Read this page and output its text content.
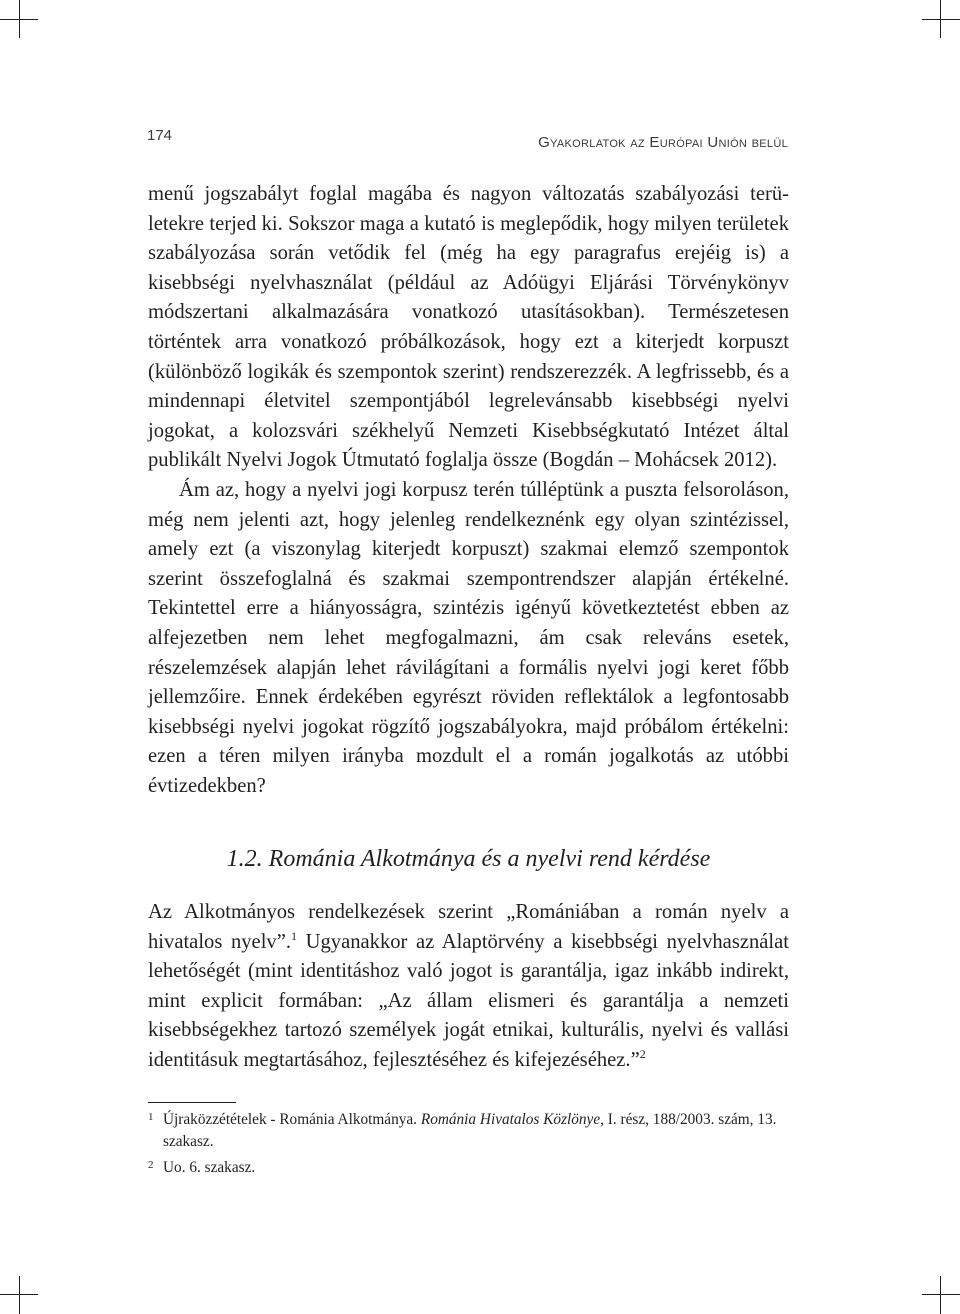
174	Gyakorlatok az Európai Unión belül

menű jogszabályt foglal magába és nagyon változatás szabályozási területekre terjed ki. Sokszor maga a kutató is meglepődik, hogy milyen területek szabályozása során vetődik fel (még ha egy paragrafus erejéig is) a kisebbségi nyelvhasználat (például az Adóügyi Eljárási Törvénykönyv módszertani alkalmazására vonatkozó utasításokban). Természetesen történtek arra vonatkozó próbálkozások, hogy ezt a kiterjedt korpuszt (különböző logikák és szempontok szerint) rendszerezzék. A legfrissebb, és a mindennapi életvitel szempontjából legrelevánsabb kisebbségi nyelvi jogokat, a kolozsvári székhelyű Nemzeti Kisebbségkutató Intézet által publikált Nyelvi Jogok Útmutató foglalja össze (Bogdán – Mohácsek 2012).

Ám az, hogy a nyelvi jogi korpusz terén túlléptünk a puszta felsoroláson, még nem jelenti azt, hogy jelenleg rendelkeznénk egy olyan szintézissel, amely ezt (a viszonylag kiterjedt korpuszt) szakmai elemző szempontok szerint összefoglalná és szakmai szempontrendszer alapján értékelné. Tekintettel erre a hiányosságra, szintézis igényű következtetést ebben az alfejezetben nem lehet megfogalmazni, ám csak releváns esetek, részelemzések alapján lehet rávilágítani a formális nyelvi jogi keret főbb jellemzőire. Ennek érdekében egyrészt röviden reflektálok a legfontosabb kisebbségi nyelvi jogokat rögzítő jogszabályokra, majd próbálom értékelni: ezen a téren milyen irányba mozdult el a román jogalkotás az utóbbi évtizedekben?

1.2. Románia Alkotmánya és a nyelvi rend kérdése

Az Alkotmányos rendelkezések szerint „Romániában a román nyelv a hivatalos nyelv”.$^1$ Ugyanakkor az Alaptörvény a kisebbségi nyelvhasználat lehetőségét (mint identitáshoz való jogot is garantálja, igaz inkább indirekt, mint explicit formában: „Az állam elismeri és garantálja a nemzeti kisebbségekhez tartozó személyek jogát etnikai, kulturális, nyelvi és vallási identitásuk megtartásához, fejlesztéséhez és kifejezéséhez.”$^2$

1 Újraközzétételek - Románia Alkotmánya. Románia Hivatalos Közlönye, I. rész, 188/2003. szám, 13. szakasz.
2 Uo. 6. szakasz.
